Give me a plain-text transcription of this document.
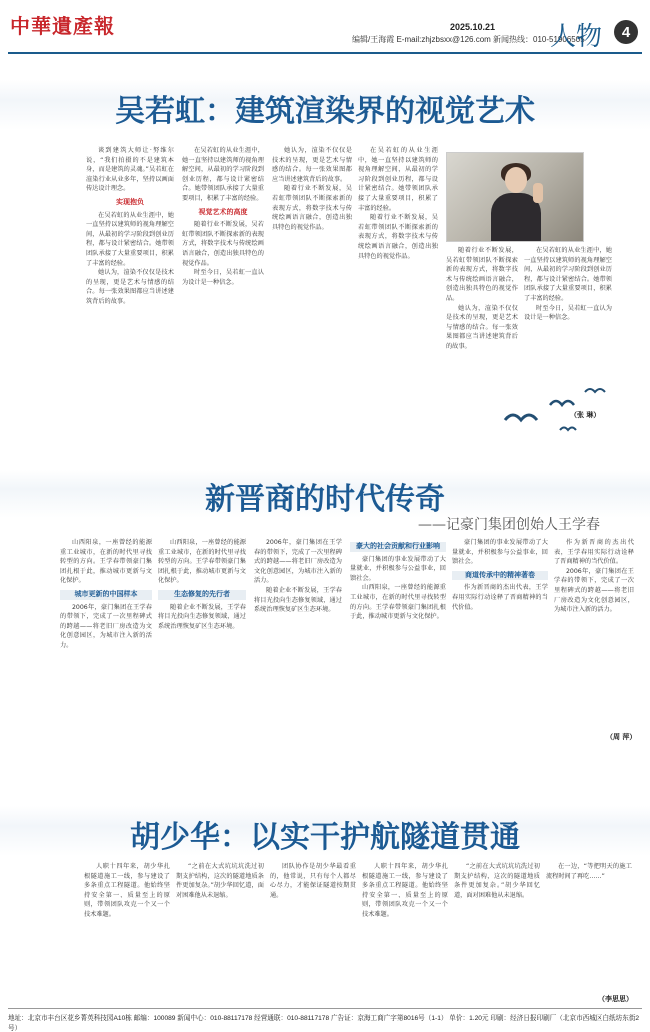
中華遺產報	2025.10.21
编辑/王海霞 E-mail:zhjzbsxx@126.com 新闻热线：010-51906505
人物	4
吴若虹：建筑渲染界的视觉艺术

谈到建筑大师让·努维尔说，“我们拍摄的不是建筑本身，而是建筑的灵魂。”吴若虹在渲染行业从业多年，坚持以画面传达设计理念。

实现抱负

在吴若虹的从业生涯中，她一直坚持以建筑师的视角理解空间，从最初的学习阶段到创业历程，都与设计紧密结合。她带领团队承接了大量重要项目，积累了丰富的经验。

她认为，渲染不仅仅是技术的呈现，更是艺术与情感的结合。每一张效果图都应当讲述建筑背后的故事。

在吴若虹的从业生涯中，她一直坚持以建筑师的视角理解空间，从最初的学习阶段到创业历程，都与设计紧密结合。她带领团队承接了大量重要项目，积累了丰富的经验。

视觉艺术的高度

随着行业不断发展，吴若虹带领团队不断探索新的表现方式，将数字技术与传统绘画语言融合，创造出独具特色的视觉作品。

时至今日，吴若虹一直认为设计是一种信念。

她认为，渲染不仅仅是技术的呈现，更是艺术与情感的结合。每一张效果图都应当讲述建筑背后的故事。

随着行业不断发展，吴若虹带领团队不断探索新的表现方式，将数字技术与传统绘画语言融合，创造出独具特色的视觉作品。

在吴若虹的从业生涯中，她一直坚持以建筑师的视角理解空间，从最初的学习阶段到创业历程，都与设计紧密结合。她带领团队承接了大量重要项目，积累了丰富的经验。

随着行业不断发展，吴若虹带领团队不断探索新的表现方式，将数字技术与传统绘画语言融合，创造出独具特色的视觉作品。

随着行业不断发展，吴若虹带领团队不断探索新的表现方式，将数字技术与传统绘画语言融合，创造出独具特色的视觉作品。

她认为，渲染不仅仅是技术的呈现，更是艺术与情感的结合。每一张效果图都应当讲述建筑背后的故事。

在吴若虹的从业生涯中，她一直坚持以建筑师的视角理解空间，从最初的学习阶段到创业历程，都与设计紧密结合。她带领团队承接了大量重要项目，积累了丰富的经验。

时至今日，吴若虹一直认为设计是一种信念。

（张 琳）
新晋商的时代传奇
——记豪门集团创始人王学春

山西阳泉，一座曾经的能源重工业城市，在新的时代里寻找转型的方向。王学春带领豪门集团扎根于此，推动城市更新与文化保护。

城市更新的中国样本

2006年，豪门集团在王学春的带领下，完成了一次里程碑式的跨越——将老旧厂房改造为文化创意园区，为城市注入新的活力。

山西阳泉，一座曾经的能源重工业城市，在新的时代里寻找转型的方向。王学春带领豪门集团扎根于此，推动城市更新与文化保护。

生态修复的先行者

随着企业不断发展，王学春将目光投向生态修复领域，通过系统治理恢复矿区生态环境。

2006年，豪门集团在王学春的带领下，完成了一次里程碑式的跨越——将老旧厂房改造为文化创意园区，为城市注入新的活力。

随着企业不断发展，王学春将目光投向生态修复领域，通过系统治理恢复矿区生态环境。

豪大的社会贡献和行业影响

豪门集团的事业发展带动了大量就业，并积极参与公益事业，回馈社会。

山西阳泉，一座曾经的能源重工业城市，在新的时代里寻找转型的方向。王学春带领豪门集团扎根于此，推动城市更新与文化保护。

豪门集团的事业发展带动了大量就业，并积极参与公益事业，回馈社会。

商道传承中的精神著卷

作为新晋商的杰出代表，王学春用实际行动诠释了晋商精神的当代价值。

作为新晋商的杰出代表，王学春用实际行动诠释了晋商精神的当代价值。

2006年，豪门集团在王学春的带领下，完成了一次里程碑式的跨越——将老旧厂房改造为文化创意园区，为城市注入新的活力。

（周 萍）
胡少华：以实干护航隧道贯通

人职十四年来，胡少华扎根隧道施工一线，参与建设了多条重点工程隧道。他始终坚持安全第一、质量至上的原则，带领团队攻克一个又一个技术难题。

“之前在大式坑坑坑洗过初期支护结构，这次的隧道地质条件更加复杂。”胡少华回忆道，面对困难他从未退缩。

团队协作是胡少华最看重的，他常说，只有每个人都尽心尽力，才能保证隧道按期贯通。

人职十四年来，胡少华扎根隧道施工一线，参与建设了多条重点工程隧道。他始终坚持安全第一、质量至上的原则，带领团队攻克一个又一个技术难题。

“之前在大式坑坑坑洗过初期支护结构，这次的隧道地质条件更加复杂。”胡少华回忆道，面对困难他从未退缩。

在一边，“等把明天的施工流程时间了再吃……”

（李思思）
地址：北京市丰台区花乡菁英科技园A10栋 邮编：100089 新闻中心：010-88117178 经营通联：010-88117178 广告证：京海工商广字第8016号（1-1） 单价：1.20元 印刷：经济日报印刷厂（北京市西城区白纸坊东街2号）
